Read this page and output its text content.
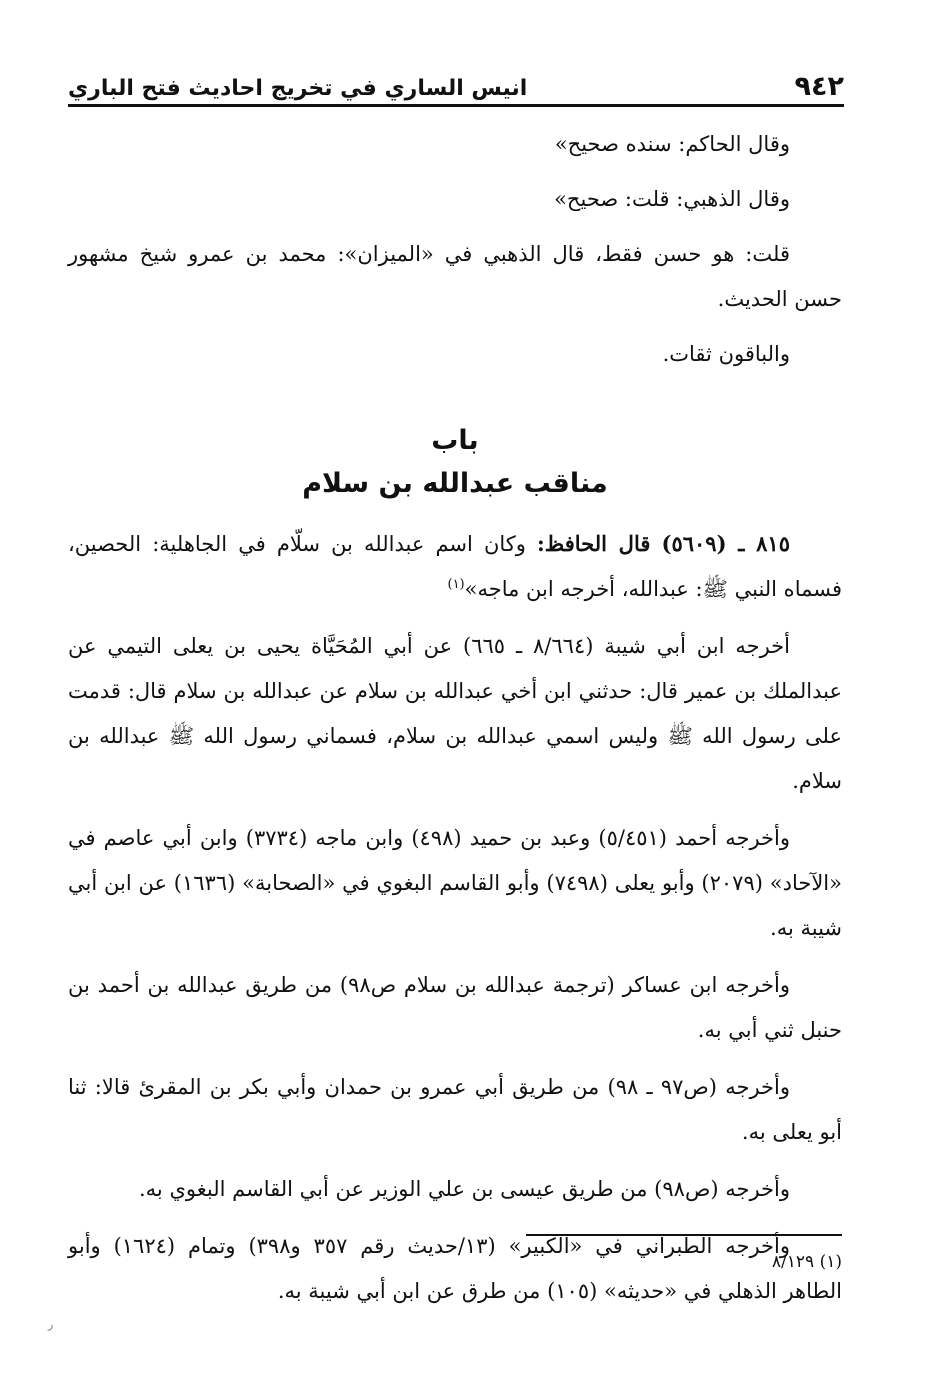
٩٤٢
انيس الساري في تخريج احاديث فتح الباري

وقال الحاكم: سنده صحيح»

وقال الذهبي: قلت: صحيح»

قلت: هو حسن فقط، قال الذهبي في «الميزان»: محمد بن عمرو شيخ مشهور حسن الحديث.

والباقون ثقات.

باب
مناقب عبدالله بن سلام

٨١٥ ـ (٥٦٠٩) قال الحافظ: وكان اسم عبدالله بن سلّام في الجاهلية: الحصين، فسماه النبي ﷺ: عبدالله، أخرجه ابن ماجه»$^{(١)}$

أخرجه ابن أبي شيبة (٨/٦٦٤ ـ ٦٦٥) عن أبي المُحَيَّاة يحيى بن يعلى التيمي عن عبدالملك بن عمير قال: حدثني ابن أخي عبدالله بن سلام عن عبدالله بن سلام قال: قدمت على رسول الله ﷺ وليس اسمي عبدالله بن سلام، فسماني رسول الله ﷺ عبدالله بن سلام.

وأخرجه أحمد (٥/٤٥١) وعبد بن حميد (٤٩٨) وابن ماجه (٣٧٣٤) وابن أبي عاصم في «الآحاد» (٢٠٧٩) وأبو يعلى (٧٤٩٨) وأبو القاسم البغوي في «الصحابة» (١٦٣٦) عن ابن أبي شيبة به.

وأخرجه ابن عساكر (ترجمة عبدالله بن سلام ص٩٨) من طريق عبدالله بن أحمد بن حنبل ثني أبي به.

وأخرجه (ص٩٧ ـ ٩٨) من طريق أبي عمرو بن حمدان وأبي بكر بن المقرئ قالا: ثنا أبو يعلى به.

وأخرجه (ص٩٨) من طريق عيسى بن علي الوزير عن أبي القاسم البغوي به.

وأخرجه الطبراني في «الكبير» (١٣/حديث رقم ٣٥٧ و٣٩٨) وتمام (١٦٢٤) وأبو الطاهر الذهلي في «حديثه» (١٠٥) من طرق عن ابن أبي شيبة به.

(١) ٨/١٢٩
ر
